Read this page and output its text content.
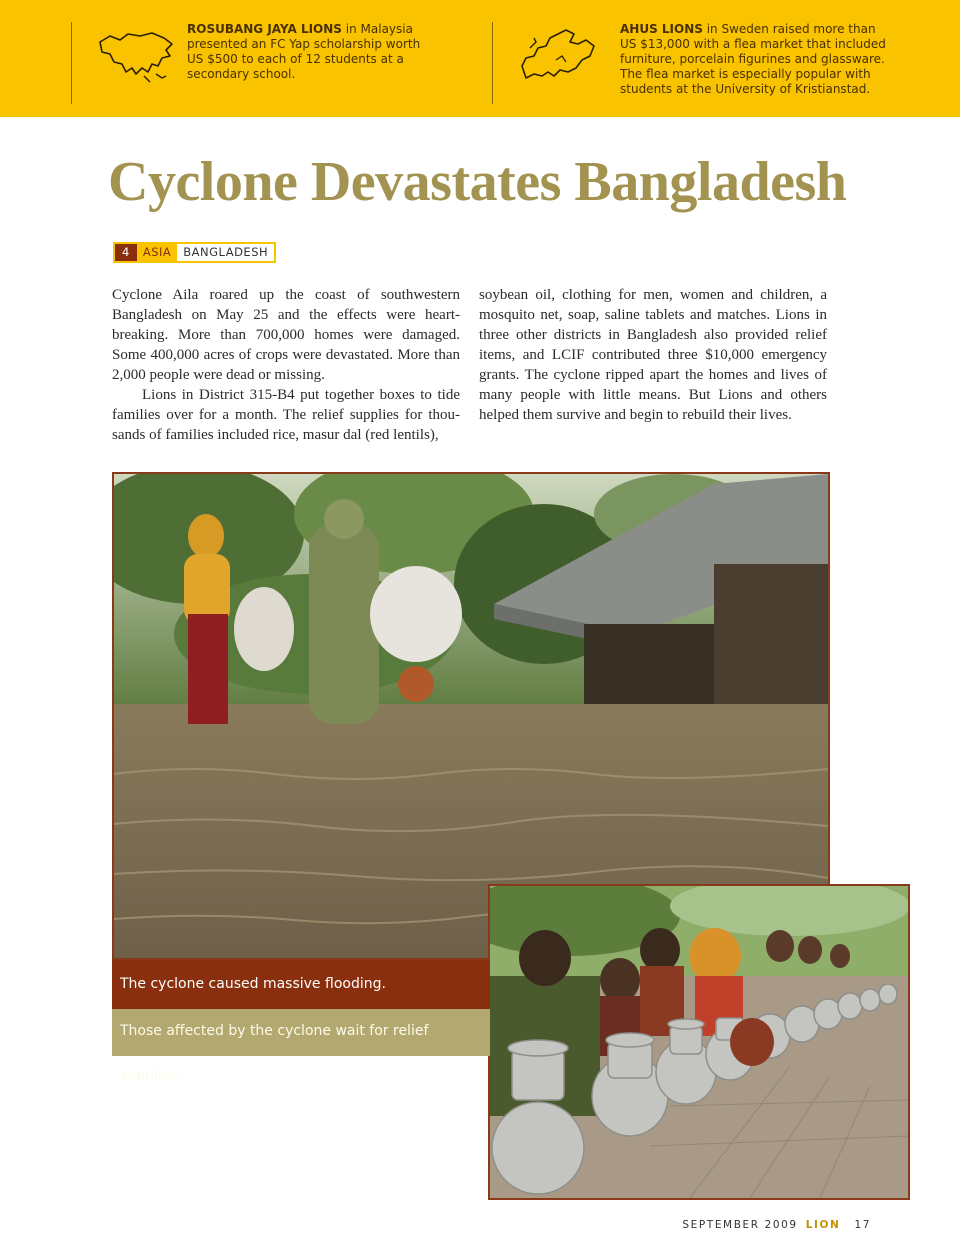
ROSUBANG JAYA LIONS in Malaysia presented an FC Yap scholarship worth US $500 to each of 12 students at a secondary school.
AHUS LIONS in Sweden raised more than US $13,000 with a flea market that included furniture, porcelain figurines and glassware. The flea market is especially popular with students at the University of Kristianstad.
Cyclone Devastates Bangladesh
4	ASIA	BANGLADESH

Cyclone Aila roared up the coast of southwestern Bangladesh on May 25 and the effects were heart-breaking. More than 700,000 homes were damaged. Some 400,000 acres of crops were devastated. More than 2,000 people were dead or missing.

Lions in District 315-B4 put together boxes to tide families over for a month. The relief supplies for thou-sands of families included rice, masur dal (red lentils),

soybean oil, clothing for men, women and children, a mosquito net, soap, saline tablets and matches. Lions in three other districts in Bangladesh also provided relief items, and LCIF contributed three $10,000 emergency grants. The cyclone ripped apart the homes and lives of many people with little means. But Lions and others helped them survive and begin to rebuild their lives.

The cyclone caused massive flooding.
Those affected by the cyclone wait for relief supplies.
SEPTEMBER 2009 LION 17
